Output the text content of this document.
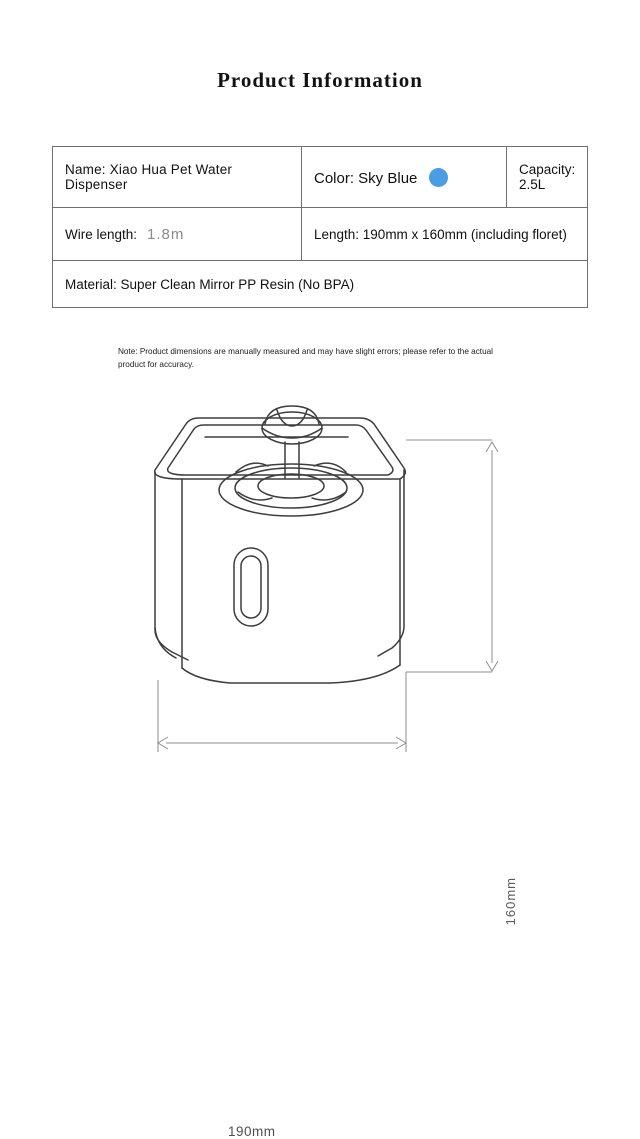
Product Information
Name: Xiao Hua Pet Water Dispenser	Color: Sky Blue	Capacity: 2.5L
Wire length: 1.8m	Length: 190mm x 160mm (including floret)	
Material: Super Clean Mirror PP Resin (No BPA)		
Note: Product dimensions are manually measured and may have slight errors; please refer to the actual product for accuracy.
160mm
190mm
